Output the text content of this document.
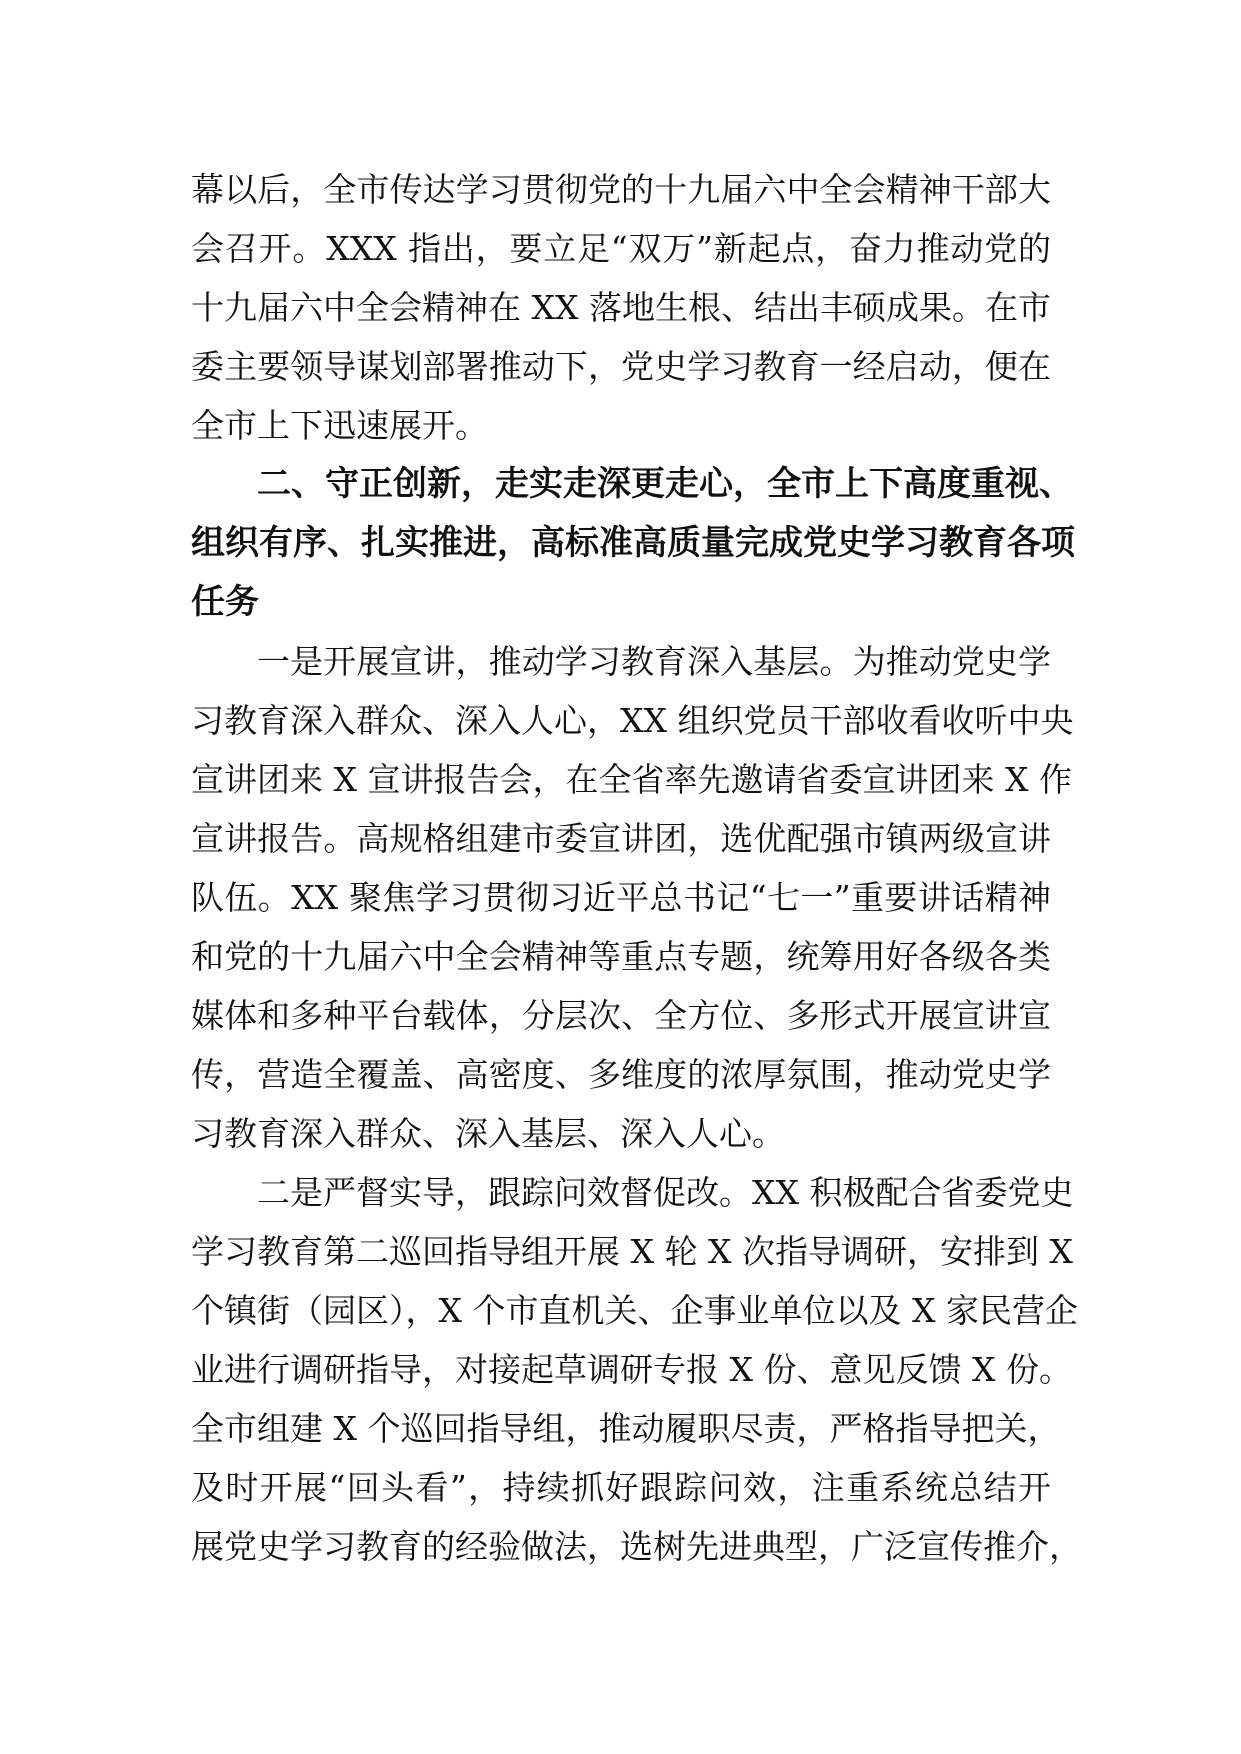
幕以后，全市传达学习贯彻党的十九届六中全会精神干部大
会召开。XXX 指出，要立足“双万”新起点，奋力推动党的
十九届六中全会精神在 XX 落地生根、结出丰硕成果。在市
委主要领导谋划部署推动下，党史学习教育一经启动，便在
全市上下迅速展开。
二、守正创新，走实走深更走心，全市上下高度重视、
组织有序、扎实推进，高标准高质量完成党史学习教育各项
任务
一是开展宣讲，推动学习教育深入基层。为推动党史学
习教育深入群众、深入人心，XX 组织党员干部收看收听中央
宣讲团来 X 宣讲报告会，在全省率先邀请省委宣讲团来 X 作
宣讲报告。高规格组建市委宣讲团，选优配强市镇两级宣讲
队伍。XX 聚焦学习贯彻习近平总书记“七一”重要讲话精神
和党的十九届六中全会精神等重点专题，统筹用好各级各类
媒体和多种平台载体，分层次、全方位、多形式开展宣讲宣
传，营造全覆盖、高密度、多维度的浓厚氛围，推动党史学
习教育深入群众、深入基层、深入人心。
二是严督实导，跟踪问效督促改。XX 积极配合省委党史
学习教育第二巡回指导组开展 X 轮 X 次指导调研，安排到 X
个镇街（园区），X 个市直机关、企事业单位以及 X 家民营企
业进行调研指导，对接起草调研专报 X 份、意见反馈 X 份。
全市组建 X 个巡回指导组，推动履职尽责，严格指导把关，
及时开展“回头看”，持续抓好跟踪问效，注重系统总结开
展党史学习教育的经验做法，选树先进典型，广泛宣传推介，
